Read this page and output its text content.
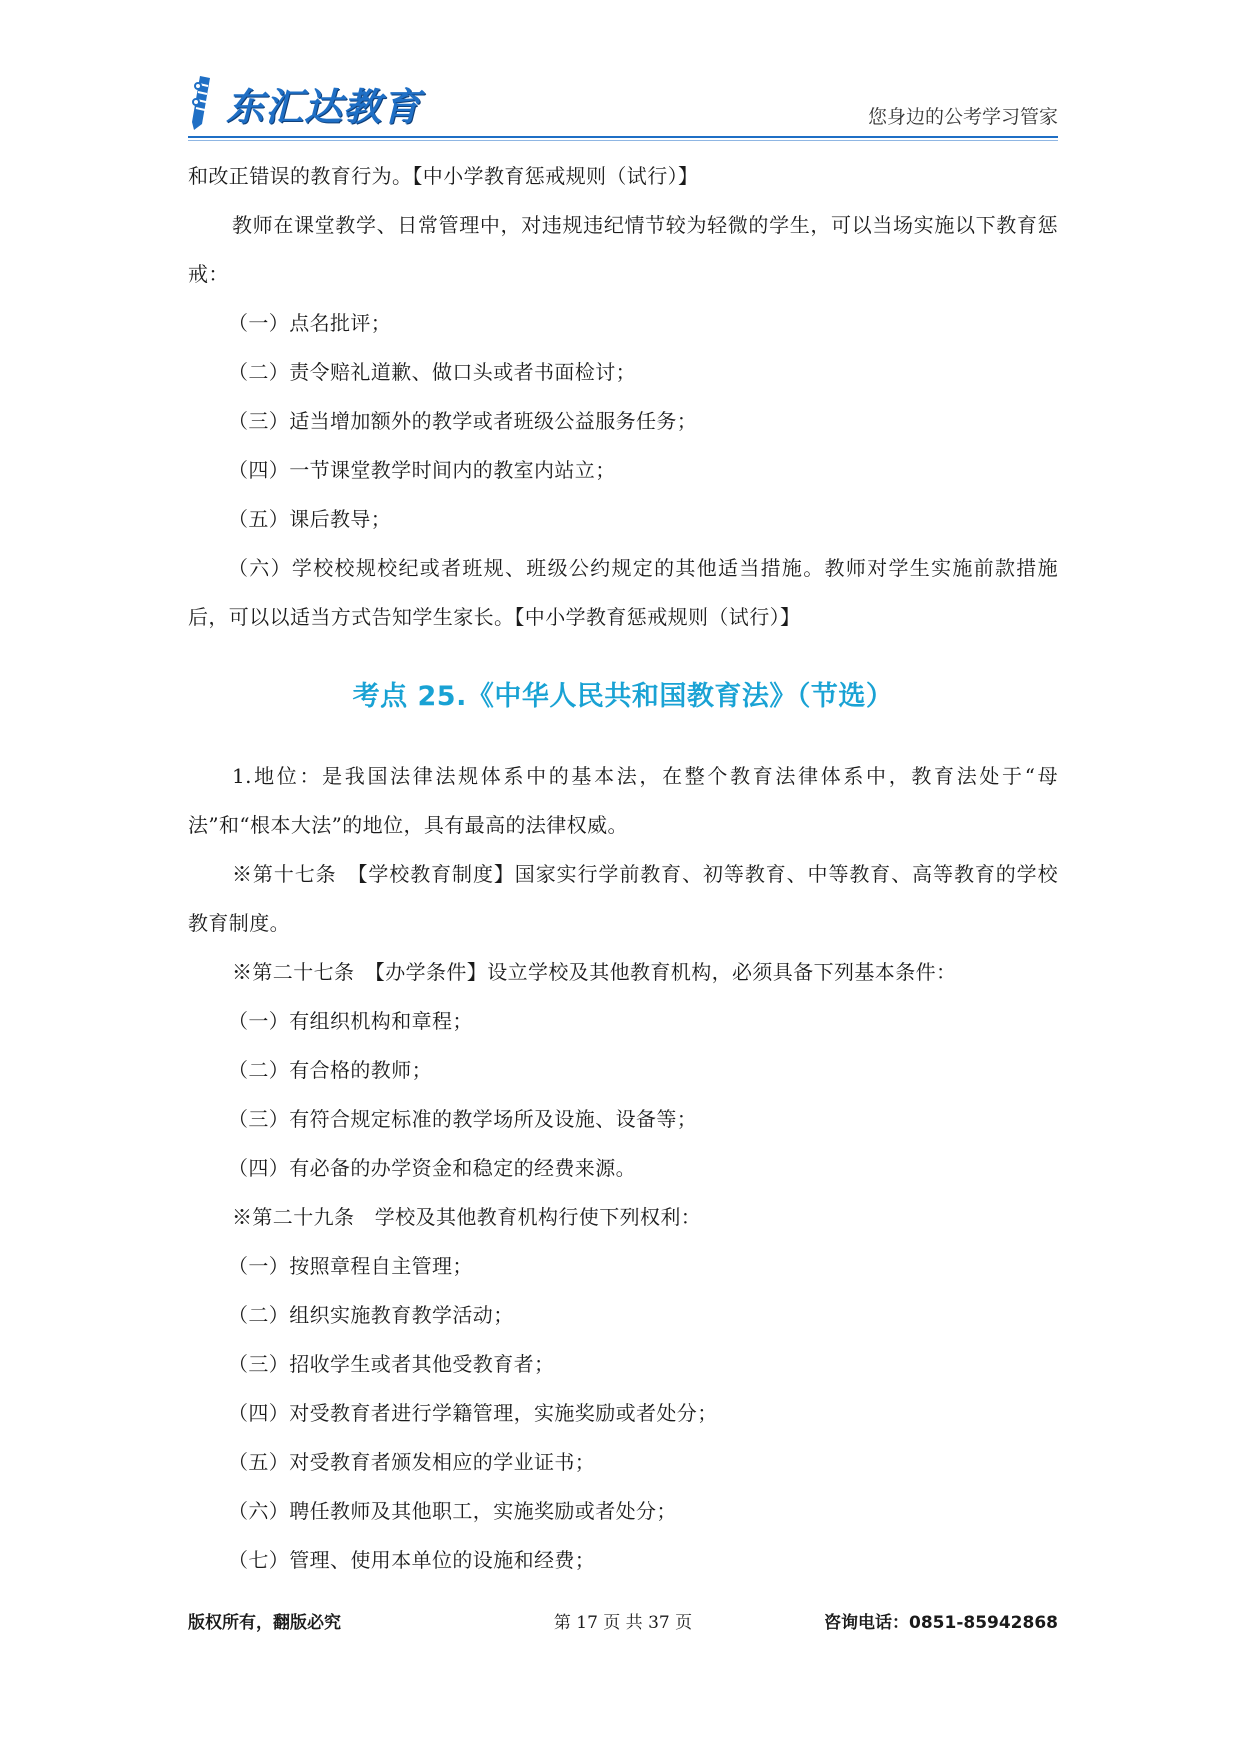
东汇达教育	您身边的公考学习管家

和改正错误的教育行为。【中小学教育惩戒规则（试行）】

教师在课堂教学、日常管理中，对违规违纪情节较为轻微的学生，可以当场实施以下教育惩戒：

（一）点名批评；

（二）责令赔礼道歉、做口头或者书面检讨；

（三）适当增加额外的教学或者班级公益服务任务；

（四）一节课堂教学时间内的教室内站立；

（五）课后教导；

（六）学校校规校纪或者班规、班级公约规定的其他适当措施。教师对学生实施前款措施后，可以以适当方式告知学生家长。【中小学教育惩戒规则（试行）】

考点 25.《中华人民共和国教育法》（节选）

1.地位：是我国法律法规体系中的基本法，在整个教育法律体系中，教育法处于“母法”和“根本大法”的地位，具有最高的法律权威。

※第十七条　【学校教育制度】国家实行学前教育、初等教育、中等教育、高等教育的学校教育制度。

※第二十七条　【办学条件】设立学校及其他教育机构，必须具备下列基本条件：

（一）有组织机构和章程；

（二）有合格的教师；

（三）有符合规定标准的教学场所及设施、设备等；

（四）有必备的办学资金和稳定的经费来源。

※第二十九条　学校及其他教育机构行使下列权利：

（一）按照章程自主管理；

（二）组织实施教育教学活动；

（三）招收学生或者其他受教育者；

（四）对受教育者进行学籍管理，实施奖励或者处分；

（五）对受教育者颁发相应的学业证书；

（六）聘任教师及其他职工，实施奖励或者处分；

（七）管理、使用本单位的设施和经费；

版权所有，翻版必究	第 17 页 共 37 页	咨询电话：0851-85942868
